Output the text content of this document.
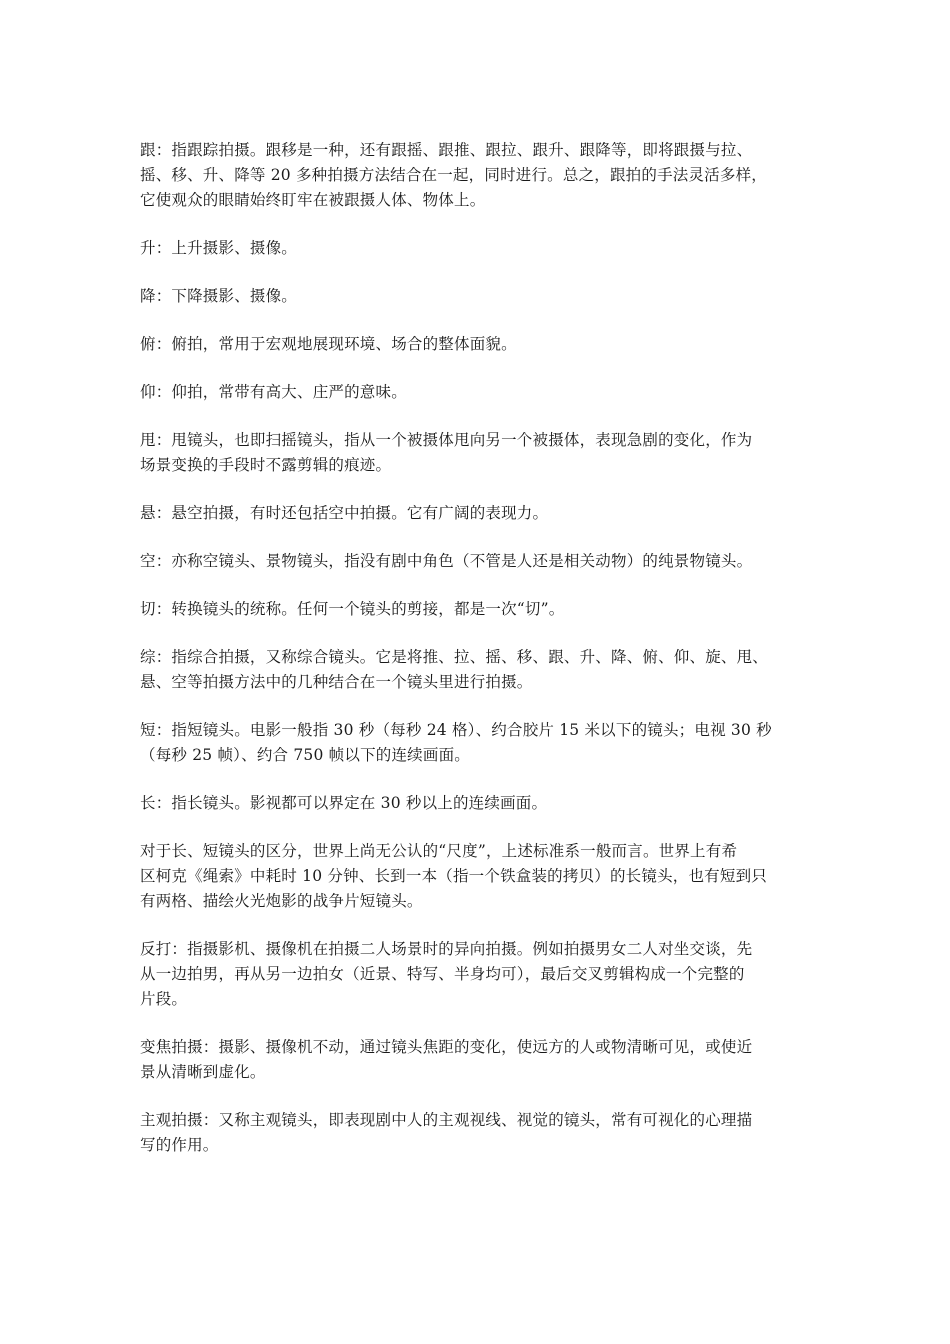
跟：指跟踪拍摄。跟移是一种，还有跟摇、跟推、跟拉、跟升、跟降等，即将跟摄与拉、
摇、移、升、降等 20 多种拍摄方法结合在一起，同时进行。总之，跟拍的手法灵活多样，
它使观众的眼睛始终盯牢在被跟摄人体、物体上。

升：上升摄影、摄像。

降：下降摄影、摄像。

俯：俯拍，常用于宏观地展现环境、场合的整体面貌。

仰：仰拍，常带有高大、庄严的意味。

甩：甩镜头，也即扫摇镜头，指从一个被摄体甩向另一个被摄体，表现急剧的变化，作为
场景变换的手段时不露剪辑的痕迹。

悬：悬空拍摄，有时还包括空中拍摄。它有广阔的表现力。

空：亦称空镜头、景物镜头，指没有剧中角色（不管是人还是相关动物）的纯景物镜头。

切：转换镜头的统称。任何一个镜头的剪接，都是一次“切”。

综：指综合拍摄，又称综合镜头。它是将推、拉、摇、移、跟、升、降、俯、仰、旋、甩、
悬、空等拍摄方法中的几种结合在一个镜头里进行拍摄。

短：指短镜头。电影一般指 30 秒（每秒 24 格）、约合胶片 15 米以下的镜头；电视 30 秒
（每秒 25 帧）、约合 750 帧以下的连续画面。

长：指长镜头。影视都可以界定在 30 秒以上的连续画面。

对于长、短镜头的区分，世界上尚无公认的“尺度”，上述标准系一般而言。世界上有希
区柯克《绳索》中耗时 10 分钟、长到一本（指一个铁盒装的拷贝）的长镜头，也有短到只
有两格、描绘火光炮影的战争片短镜头。

反打：指摄影机、摄像机在拍摄二人场景时的异向拍摄。例如拍摄男女二人对坐交谈，先
从一边拍男，再从另一边拍女（近景、特写、半身均可），最后交叉剪辑构成一个完整的
片段。

变焦拍摄：摄影、摄像机不动，通过镜头焦距的变化，使远方的人或物清晰可见，或使近
景从清晰到虚化。

主观拍摄：又称主观镜头，即表现剧中人的主观视线、视觉的镜头，常有可视化的心理描
写的作用。
